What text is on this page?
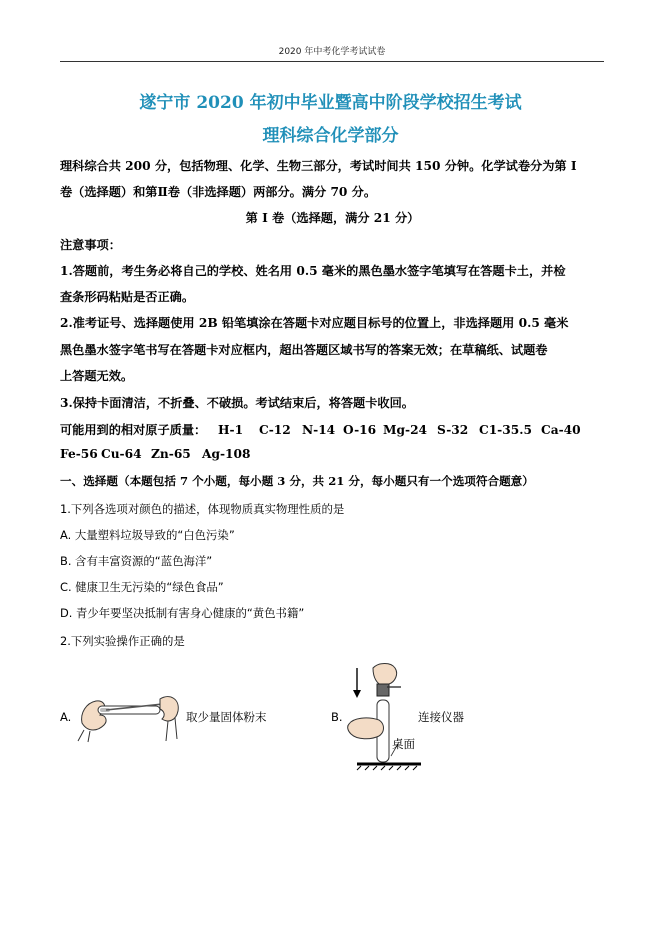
2020 年中考化学考试试卷
遂宁市 2020 年初中毕业暨高中阶段学校招生考试
理科综合化学部分
理科综合共 200 分，包括物理、化学、生物三部分，考试时间共 150 分钟。化学试卷分为第 I
卷（选择题）和第Ⅱ卷（非选择题）两部分。满分 70 分。
第 I 卷（选择题，满分 21 分）
注意事项：
1.答题前，考生务必将自己的学校、姓名用 0.5 毫米的黑色墨水签字笔填写在答题卡土，并检
查条形码粘贴是否正确。
2.准考证号、选择题使用 2B 铅笔填涂在答题卡对应题目标号的位置上，非选择题用 0.5 毫米
黑色墨水签字笔书写在答题卡对应框内，超出答题区域书写的答案无效；在草稿纸、试题卷
上答题无效。
3.保持卡面清洁，不折叠、不破损。考试结束后，将答题卡收回。
可能用到的相对原子质量： H-1 C-12 N-14 O-16 Mg-24 S-32 C1-35.5 Ca-40
Fe-56 Cu-64 Zn-65 Ag-108
一、选择题（本题包括 7 个小题，每小题 3 分，共 21 分，每小题只有一个选项符合题意）
1.下列各选项对颜色的描述，体现物质真实物理性质的是
A. 大量塑料垃圾导致的“白色污染”
B. 含有丰富资源的“蓝色海洋”
C. 健康卫生无污染的“绿色食品”
D. 青少年要坚决抵制有害身心健康的“黄色书籍”
2.下列实验操作正确的是
A.	取少量固体粉末	B.
桌面
连接仪器
